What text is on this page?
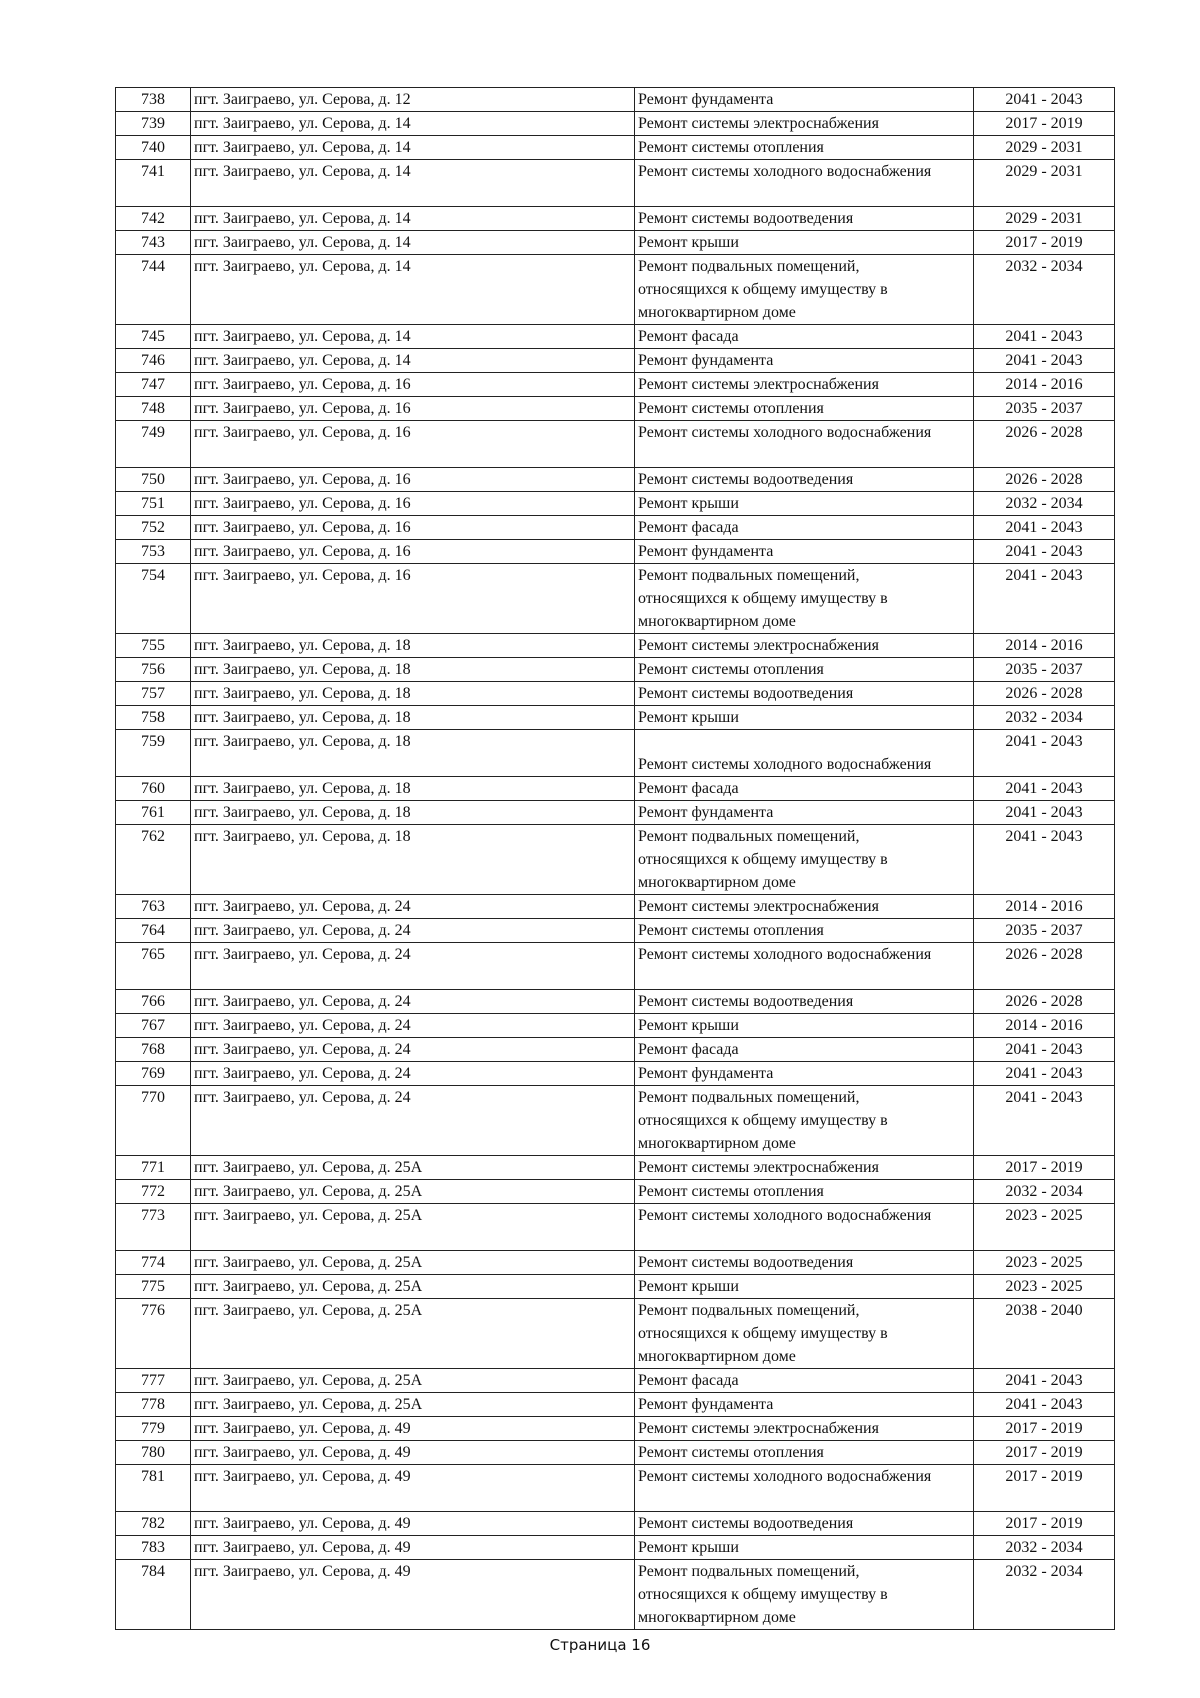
738	пгт. Заиграево, ул. Серова, д. 12	Ремонт фундамента	2041 - 2043
739	пгт. Заиграево, ул. Серова, д. 14	Ремонт системы электроснабжения	2017 - 2019
740	пгт. Заиграево, ул. Серова, д. 14	Ремонт системы отопления	2029 - 2031
741	пгт. Заиграево, ул. Серова, д. 14	Ремонт системы холодного водоснабжения	2029 - 2031
742	пгт. Заиграево, ул. Серова, д. 14	Ремонт системы водоотведения	2029 - 2031
743	пгт. Заиграево, ул. Серова, д. 14	Ремонт крыши	2017 - 2019
744	пгт. Заиграево, ул. Серова, д. 14	Ремонт подвальных помещений,
относящихся к общему имуществу в
многоквартирном доме	2032 - 2034
745	пгт. Заиграево, ул. Серова, д. 14	Ремонт фасада	2041 - 2043
746	пгт. Заиграево, ул. Серова, д. 14	Ремонт фундамента	2041 - 2043
747	пгт. Заиграево, ул. Серова, д. 16	Ремонт системы электроснабжения	2014 - 2016
748	пгт. Заиграево, ул. Серова, д. 16	Ремонт системы отопления	2035 - 2037
749	пгт. Заиграево, ул. Серова, д. 16	Ремонт системы холодного водоснабжения	2026 - 2028
750	пгт. Заиграево, ул. Серова, д. 16	Ремонт системы водоотведения	2026 - 2028
751	пгт. Заиграево, ул. Серова, д. 16	Ремонт крыши	2032 - 2034
752	пгт. Заиграево, ул. Серова, д. 16	Ремонт фасада	2041 - 2043
753	пгт. Заиграево, ул. Серова, д. 16	Ремонт фундамента	2041 - 2043
754	пгт. Заиграево, ул. Серова, д. 16	Ремонт подвальных помещений,
относящихся к общему имуществу в
многоквартирном доме	2041 - 2043
755	пгт. Заиграево, ул. Серова, д. 18	Ремонт системы электроснабжения	2014 - 2016
756	пгт. Заиграево, ул. Серова, д. 18	Ремонт системы отопления	2035 - 2037
757	пгт. Заиграево, ул. Серова, д. 18	Ремонт системы водоотведения	2026 - 2028
758	пгт. Заиграево, ул. Серова, д. 18	Ремонт крыши	2032 - 2034
759	пгт. Заиграево, ул. Серова, д. 18	Ремонт системы холодного водоснабжения	2041 - 2043
760	пгт. Заиграево, ул. Серова, д. 18	Ремонт фасада	2041 - 2043
761	пгт. Заиграево, ул. Серова, д. 18	Ремонт фундамента	2041 - 2043
762	пгт. Заиграево, ул. Серова, д. 18	Ремонт подвальных помещений,
относящихся к общему имуществу в
многоквартирном доме	2041 - 2043
763	пгт. Заиграево, ул. Серова, д. 24	Ремонт системы электроснабжения	2014 - 2016
764	пгт. Заиграево, ул. Серова, д. 24	Ремонт системы отопления	2035 - 2037
765	пгт. Заиграево, ул. Серова, д. 24	Ремонт системы холодного водоснабжения	2026 - 2028
766	пгт. Заиграево, ул. Серова, д. 24	Ремонт системы водоотведения	2026 - 2028
767	пгт. Заиграево, ул. Серова, д. 24	Ремонт крыши	2014 - 2016
768	пгт. Заиграево, ул. Серова, д. 24	Ремонт фасада	2041 - 2043
769	пгт. Заиграево, ул. Серова, д. 24	Ремонт фундамента	2041 - 2043
770	пгт. Заиграево, ул. Серова, д. 24	Ремонт подвальных помещений,
относящихся к общему имуществу в
многоквартирном доме	2041 - 2043
771	пгт. Заиграево, ул. Серова, д. 25А	Ремонт системы электроснабжения	2017 - 2019
772	пгт. Заиграево, ул. Серова, д. 25А	Ремонт системы отопления	2032 - 2034
773	пгт. Заиграево, ул. Серова, д. 25А	Ремонт системы холодного водоснабжения	2023 - 2025
774	пгт. Заиграево, ул. Серова, д. 25А	Ремонт системы водоотведения	2023 - 2025
775	пгт. Заиграево, ул. Серова, д. 25А	Ремонт крыши	2023 - 2025
776	пгт. Заиграево, ул. Серова, д. 25А	Ремонт подвальных помещений,
относящихся к общему имуществу в
многоквартирном доме	2038 - 2040
777	пгт. Заиграево, ул. Серова, д. 25А	Ремонт фасада	2041 - 2043
778	пгт. Заиграево, ул. Серова, д. 25А	Ремонт фундамента	2041 - 2043
779	пгт. Заиграево, ул. Серова, д. 49	Ремонт системы электроснабжения	2017 - 2019
780	пгт. Заиграево, ул. Серова, д. 49	Ремонт системы отопления	2017 - 2019
781	пгт. Заиграево, ул. Серова, д. 49	Ремонт системы холодного водоснабжения	2017 - 2019
782	пгт. Заиграево, ул. Серова, д. 49	Ремонт системы водоотведения	2017 - 2019
783	пгт. Заиграево, ул. Серова, д. 49	Ремонт крыши	2032 - 2034
784	пгт. Заиграево, ул. Серова, д. 49	Ремонт подвальных помещений,
относящихся к общему имуществу в
многоквартирном доме	2032 - 2034
Страница 16
